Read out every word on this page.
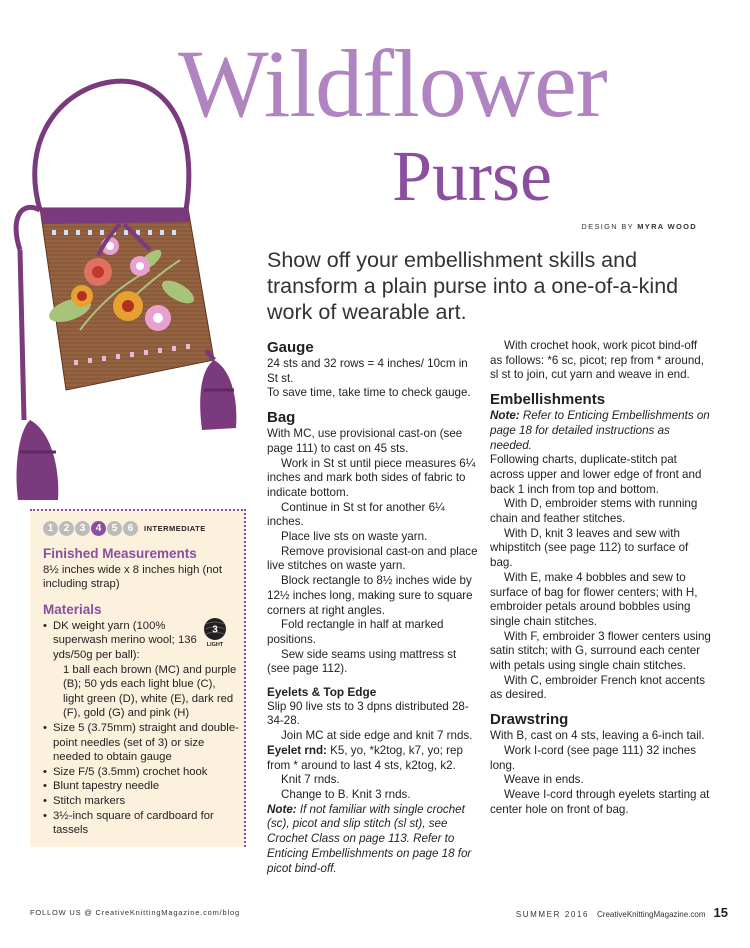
Wildflower
Purse
DESIGN BY MYRA WOOD
Show off your embellishment skills and transform a plain purse into a one-of-a-kind work of wearable art.
Gauge

24 sts and 32 rows = 4 inches/ 10cm in St st.

To save time, take time to check gauge.

Bag

With MC, use provisional cast-on (see page 111) to cast on 45 sts.

Work in St st until piece measures 6¼ inches and mark both sides of fabric to indicate bottom.

Continue in St st for another 6¼ inches.

Place live sts on waste yarn.

Remove provisional cast-on and place live stitches on waste yarn.

Block rectangle to 8½ inches wide by 12½ inches long, making sure to square corners at right angles.

Fold rectangle in half at marked positions.

Sew side seams using mattress st (see page 112).

Eyelets & Top Edge

Slip 90 live sts to 3 dpns distributed 28-34-28.

Join MC at side edge and knit 7 rnds.

Eyelet rnd: K5, yo, *k2tog, k7, yo; rep from * around to last 4 sts, k2tog, k2.

Knit 7 rnds.

Change to B. Knit 3 rnds.

Note: If not familiar with single crochet (sc), picot and slip stitch (sl st), see Crochet Class on page 113. Refer to Enticing Embellishments on page 18 for picot bind-off.

With crochet hook, work picot bind-off as follows: *6 sc, picot; rep from * around, sl st to join, cut yarn and weave in end.

Embellishments

Note: Refer to Enticing Embellishments on page 18 for detailed instructions as needed.

Following charts, duplicate-stitch pat across upper and lower edge of front and back 1 inch from top and bottom.

With D, embroider stems with running chain and feather stitches.

With D, knit 3 leaves and sew with whipstitch (see page 112) to surface of bag.

With E, make 4 bobbles and sew to surface of bag for flower centers; with H, embroider petals around bobbles using single chain stitches.

With F, embroider 3 flower centers using satin stitch; with G, surround each center with petals using single chain stitches.

With C, embroider French knot accents as desired.

Drawstring

With B, cast on 4 sts, leaving a 6-inch tail.

Work I-cord (see page 111) 32 inches long.

Weave in ends.

Weave I-cord through eyelets starting at center hole on front of bag.

1	2	3	4	5	6	INTERMEDIATE
Finished Measurements
8½ inches wide x 8 inches high (not including strap)
Materials
3
LIGHT
• DK weight yarn (100% superwash merino wool; 136 yds/50g per ball):
1 ball each brown (MC) and purple (B); 50 yds each light blue (C), light green (D), white (E), dark red (F), gold (G) and pink (H)
• Size 5 (3.75mm) straight and double-point needles (set of 3) or size needed to obtain gauge
• Size F/5 (3.5mm) crochet hook
• Blunt tapestry needle
• Stitch markers
• 3½-inch square of cardboard for tassels
FOLLOW US @ CreativeKnittingMagazine.com/blog	SUMMER 2016 CreativeKnittingMagazine.com 15
